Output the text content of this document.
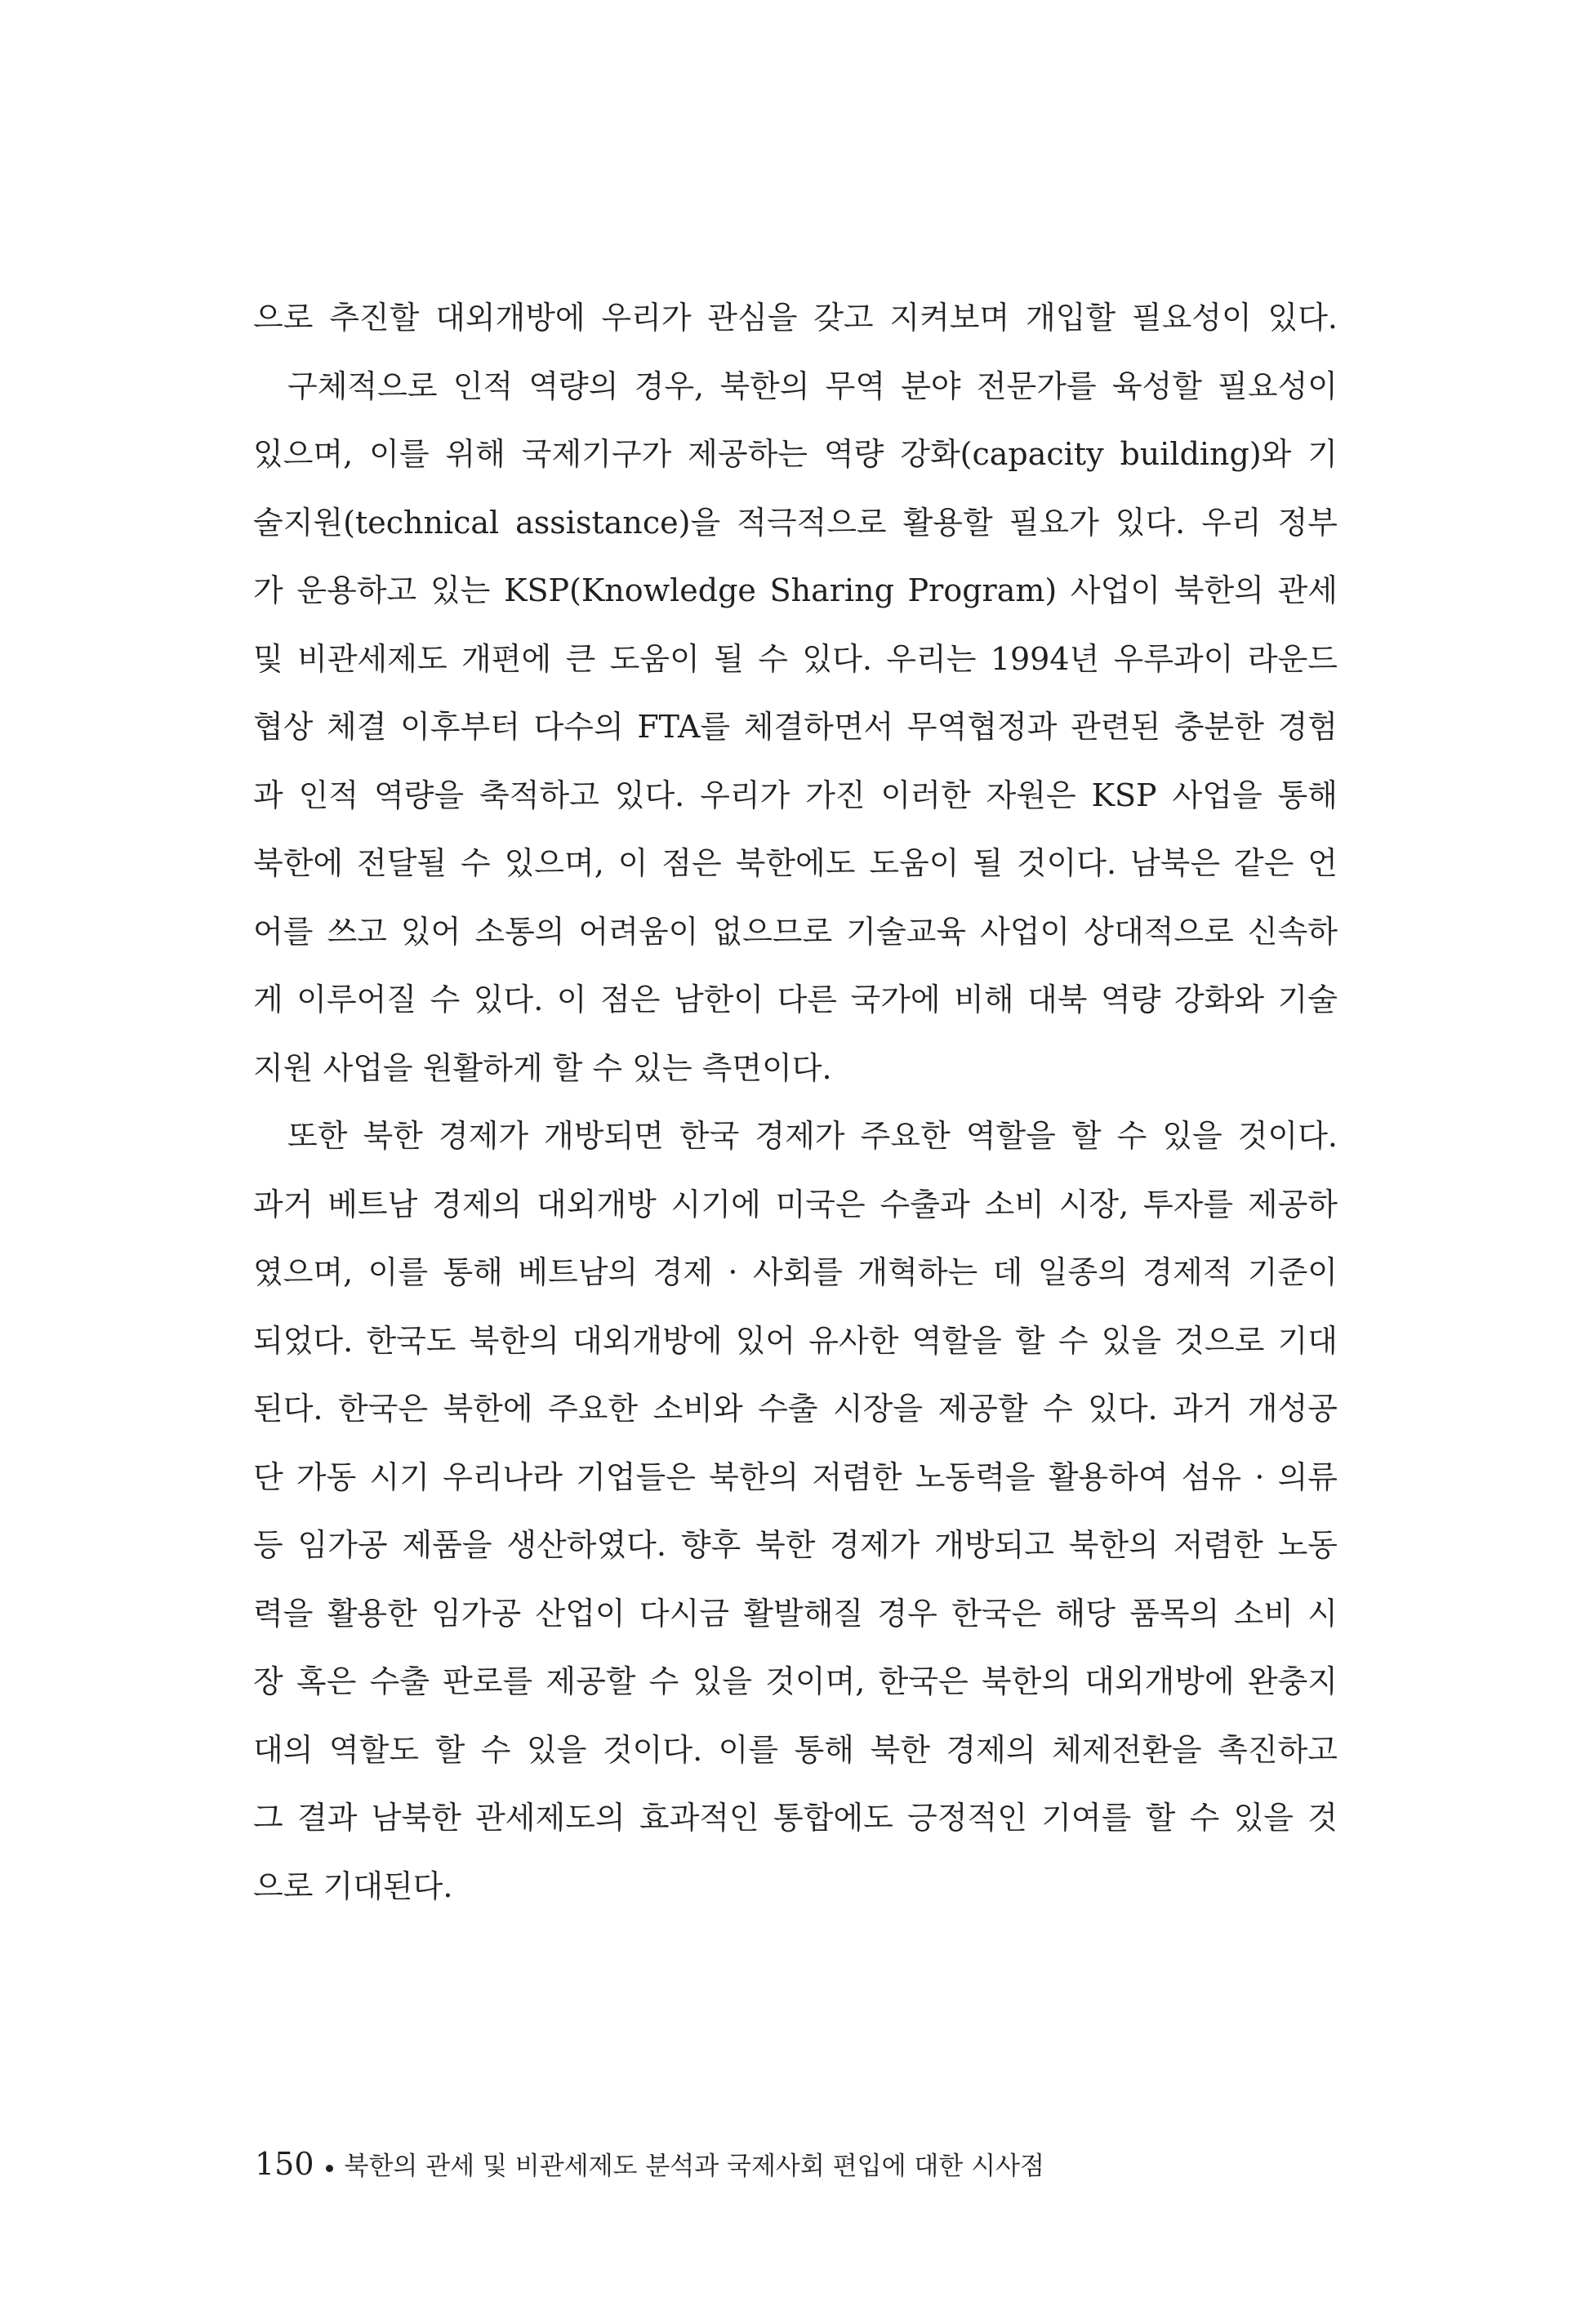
으로 추진할 대외개방에 우리가 관심을 갖고 지켜보며 개입할 필요성이 있다.
구체적으로 인적 역량의 경우, 북한의 무역 분야 전문가를 육성할 필요성이
있으며, 이를 위해 국제기구가 제공하는 역량 강화(capacity building)와 기
술지원(technical assistance)을 적극적으로 활용할 필요가 있다. 우리 정부
가 운용하고 있는 KSP(Knowledge Sharing Program) 사업이 북한의 관세
및 비관세제도 개편에 큰 도움이 될 수 있다. 우리는 1994년 우루과이 라운드
협상 체결 이후부터 다수의 FTA를 체결하면서 무역협정과 관련된 충분한 경험
과 인적 역량을 축적하고 있다. 우리가 가진 이러한 자원은 KSP 사업을 통해
북한에 전달될 수 있으며, 이 점은 북한에도 도움이 될 것이다. 남북은 같은 언
어를 쓰고 있어 소통의 어려움이 없으므로 기술교육 사업이 상대적으로 신속하
게 이루어질 수 있다. 이 점은 남한이 다른 국가에 비해 대북 역량 강화와 기술
지원 사업을 원활하게 할 수 있는 측면이다.
또한 북한 경제가 개방되면 한국 경제가 주요한 역할을 할 수 있을 것이다.
과거 베트남 경제의 대외개방 시기에 미국은 수출과 소비 시장, 투자를 제공하
였으며, 이를 통해 베트남의 경제 · 사회를 개혁하는 데 일종의 경제적 기준이
되었다. 한국도 북한의 대외개방에 있어 유사한 역할을 할 수 있을 것으로 기대
된다. 한국은 북한에 주요한 소비와 수출 시장을 제공할 수 있다. 과거 개성공
단 가동 시기 우리나라 기업들은 북한의 저렴한 노동력을 활용하여 섬유 · 의류
등 임가공 제품을 생산하였다. 향후 북한 경제가 개방되고 북한의 저렴한 노동
력을 활용한 임가공 산업이 다시금 활발해질 경우 한국은 해당 품목의 소비 시
장 혹은 수출 판로를 제공할 수 있을 것이며, 한국은 북한의 대외개방에 완충지
대의 역할도 할 수 있을 것이다. 이를 통해 북한 경제의 체제전환을 촉진하고
그 결과 남북한 관세제도의 효과적인 통합에도 긍정적인 기여를 할 수 있을 것
으로 기대된다.
150 북한의 관세 및 비관세제도 분석과 국제사회 편입에 대한 시사점
